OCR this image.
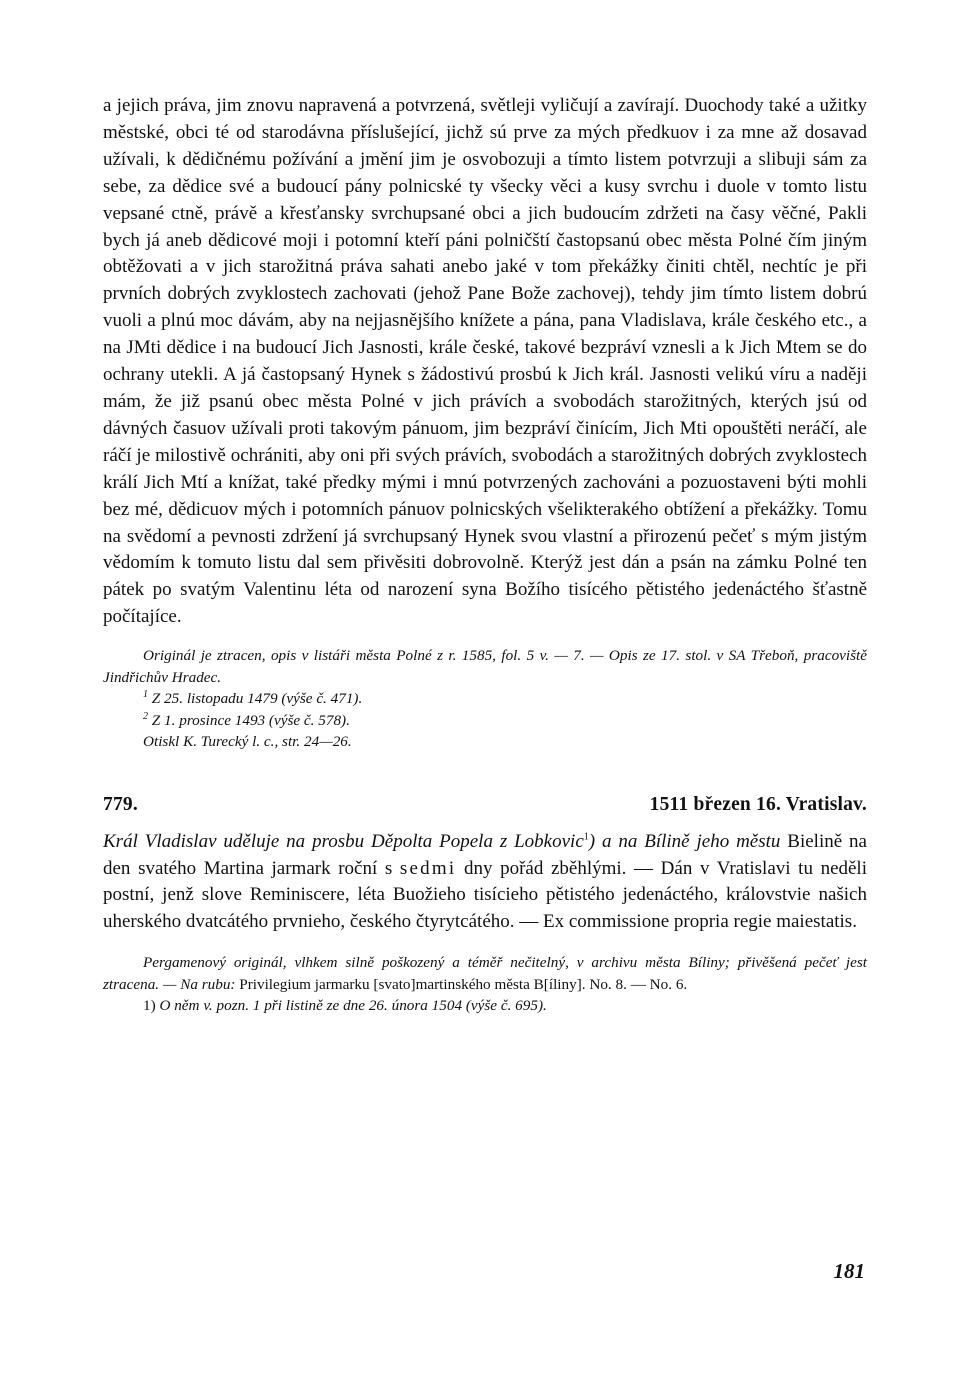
a jejich práva, jim znovu napravená a potvrzená, světleji vyličují a zavírají. Duochody také a užitky městské, obci té od starodávna příslušející, jichž sú prve za mých předkuov i za mne až dosavad užívali, k dědičnému požívání a jmění jim je osvobozuji a tímto listem potvrzuji a slibuji sám za sebe, za dědice své a budoucí pány polnicské ty všecky věci a kusy svrchu i duole v tomto listu vepsané ctně, právě a křesťansky svrchupsané obci a jich budoucím zdržeti na časy věčné, Pakli bych já aneb dědicové moji i potomní kteří páni polničští častopsanú obec města Polné čím jiným obtěžovati a v jich starožitná práva sahati anebo jaké v tom překážky činiti chtěl, nechtíc je při prvních dobrých zvyklostech zachovati (jehož Pane Bože zachovej), tehdy jim tímto listem dobrú vuoli a plnú moc dávám, aby na nejjasnějšího knížete a pána, pana Vladislava, krále českého etc., a na JMti dědice i na budoucí Jich Jasnosti, krále české, takové bezpráví vznesli a k Jich Mtem se do ochrany utekli. A já častopsaný Hynek s žádostivú prosbú k Jich král. Jasnosti velikú víru a naději mám, že již psanú obec města Polné v jich právích a svobodách starožitných, kterých jsú od dávných časuov užívali proti takovým pánuom, jim bezpráví činícím, Jich Mti opouštěti neráčí, ale ráčí je milostivě ochrániti, aby oni při svých právích, svobodách a starožitných dobrých zvyklostech králí Jich Mtí a knížat, také předky mými i mnú potvrzených zachováni a pozuostaveni býti mohli bez mé, dědicuov mých i potomních pánuov polnicských všelikterakého obtížení a překážky. Tomu na svědomí a pevnosti zdržení já svrchupsaný Hynek svou vlastní a přirozenú pečeť s mým jistým vědomím k tomuto listu dal sem přivěsiti dobrovolně. Kterýž jest dán a psán na zámku Polné ten pátek po svatým Valentinu léta od narození syna Božího tisícého pětistého jedenáctého šťastně počítajíce.

Originál je ztracen, opis v listáři města Polné z r. 1585, fol. 5 v. — 7. — Opis ze 17. stol. v SA Třeboň, pracoviště Jindřichův Hradec.

$^1$ Z 25. listopadu 1479 (výše č. 471).

$^2$ Z 1. prosince 1493 (výše č. 578).

Otiskl K. Turecký l. c., str. 24—26.

779.	1511 březen 16. Vratislav.

Král Vladislav uděluje na prosbu Děpolta Popela z Lobkovic$^1$) a na Bílině jeho městu Bielině na den svatého Martina jarmark roční s sedmi dny pořád zběhlými. — Dán v Vratislavi tu neděli postní, jenž slove Reminiscere, léta Buožieho tisícieho pětistého jedenáctého, královstvie našich uherského dvatcátého prvnieho, českého čtyrytcátého. — Ex commissione propria regie maiestatis.

Pergamenový originál, vlhkem silně poškozený a téměř nečitelný, v archivu města Bíliny; přivěšená pečeť jest ztracena. — Na rubu: Privilegium jarmarku [svato]martinského města B[íliny]. No. 8. — No. 6.

1) O něm v. pozn. 1 při listině ze dne 26. února 1504 (výše č. 695).

181
